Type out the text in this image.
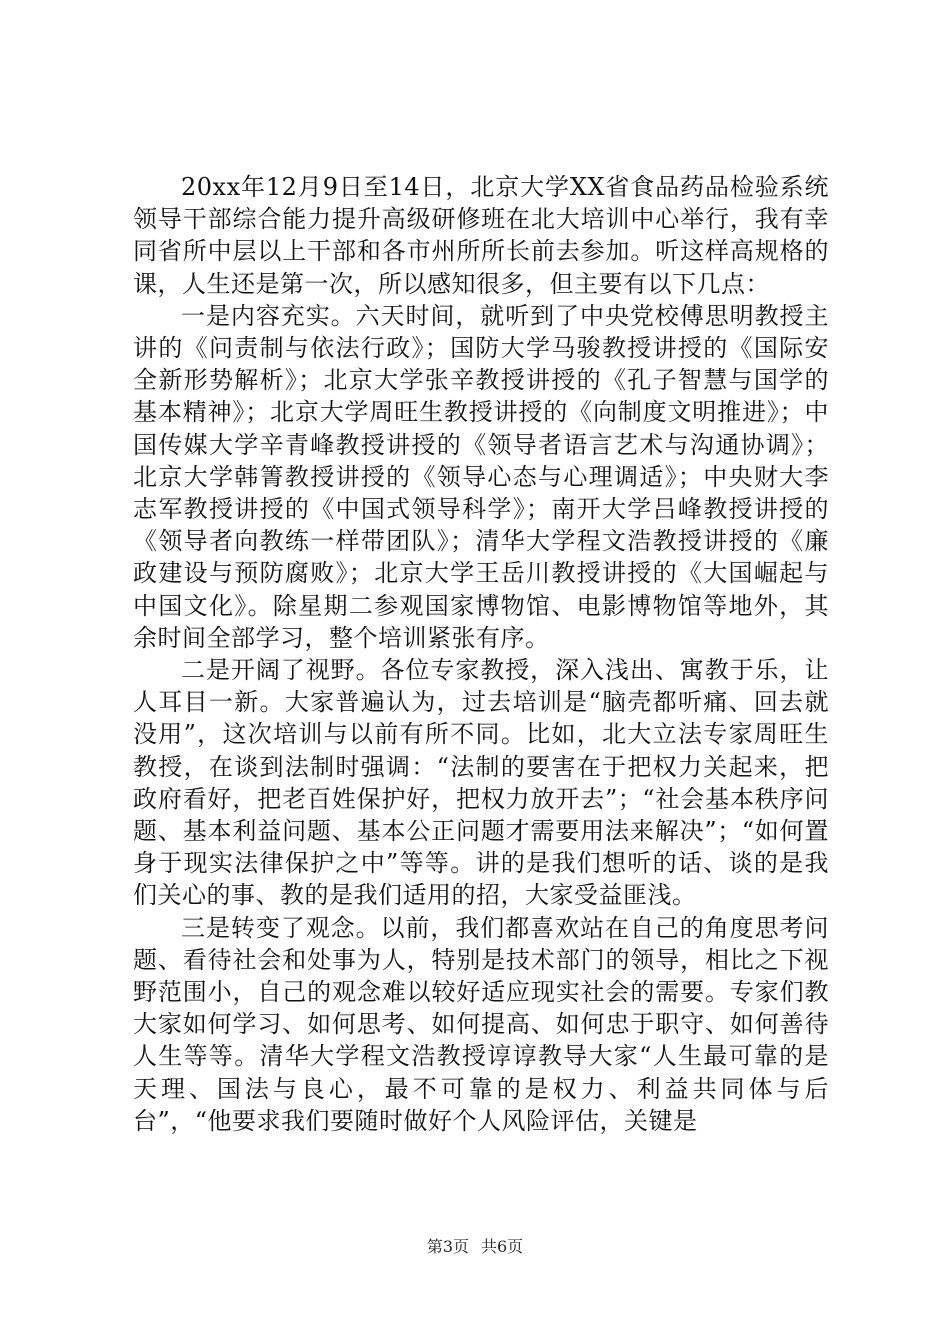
20xx年12月9日至14日，北京大学XX省食品药品检验系统领导干部综合能力提升高级研修班在北大培训中心举行，我有幸同省所中层以上干部和各市州所所长前去参加。听这样高规格的课，人生还是第一次，所以感知很多，但主要有以下几点：

一是内容充实。六天时间，就听到了中央党校傅思明教授主讲的《问责制与依法行政》；国防大学马骏教授讲授的《国际安全新形势解析》；北京大学张辛教授讲授的《孔子智慧与国学的基本精神》；北京大学周旺生教授讲授的《向制度文明推进》；中国传媒大学辛青峰教授讲授的《领导者语言艺术与沟通协调》；北京大学韩箐教授讲授的《领导心态与心理调适》；中央财大李志军教授讲授的《中国式领导科学》；南开大学吕峰教授讲授的《领导者向教练一样带团队》；清华大学程文浩教授讲授的《廉政建设与预防腐败》；北京大学王岳川教授讲授的《大国崛起与中国文化》。除星期二参观国家博物馆、电影博物馆等地外，其余时间全部学习，整个培训紧张有序。

二是开阔了视野。各位专家教授，深入浅出、寓教于乐，让人耳目一新。大家普遍认为，过去培训是“脑壳都听痛、回去就没用”，这次培训与以前有所不同。比如，北大立法专家周旺生教授，在谈到法制时强调：“法制的要害在于把权力关起来，把政府看好，把老百姓保护好，把权力放开去”；“社会基本秩序问题、基本利益问题、基本公正问题才需要用法来解决”；“如何置身于现实法律保护之中”等等。讲的是我们想听的话、谈的是我们关心的事、教的是我们适用的招，大家受益匪浅。

三是转变了观念。以前，我们都喜欢站在自己的角度思考问题、看待社会和处事为人，特别是技术部门的领导，相比之下视野范围小，自己的观念难以较好适应现实社会的需要。专家们教大家如何学习、如何思考、如何提高、如何忠于职守、如何善待人生等等。清华大学程文浩教授谆谆教导大家“人生最可靠的是天理、国法与良心，最不可靠的是权力、利益共同体与后台”，“他要求我们要随时做好个人风险评估，关键是

第3页 共6页
